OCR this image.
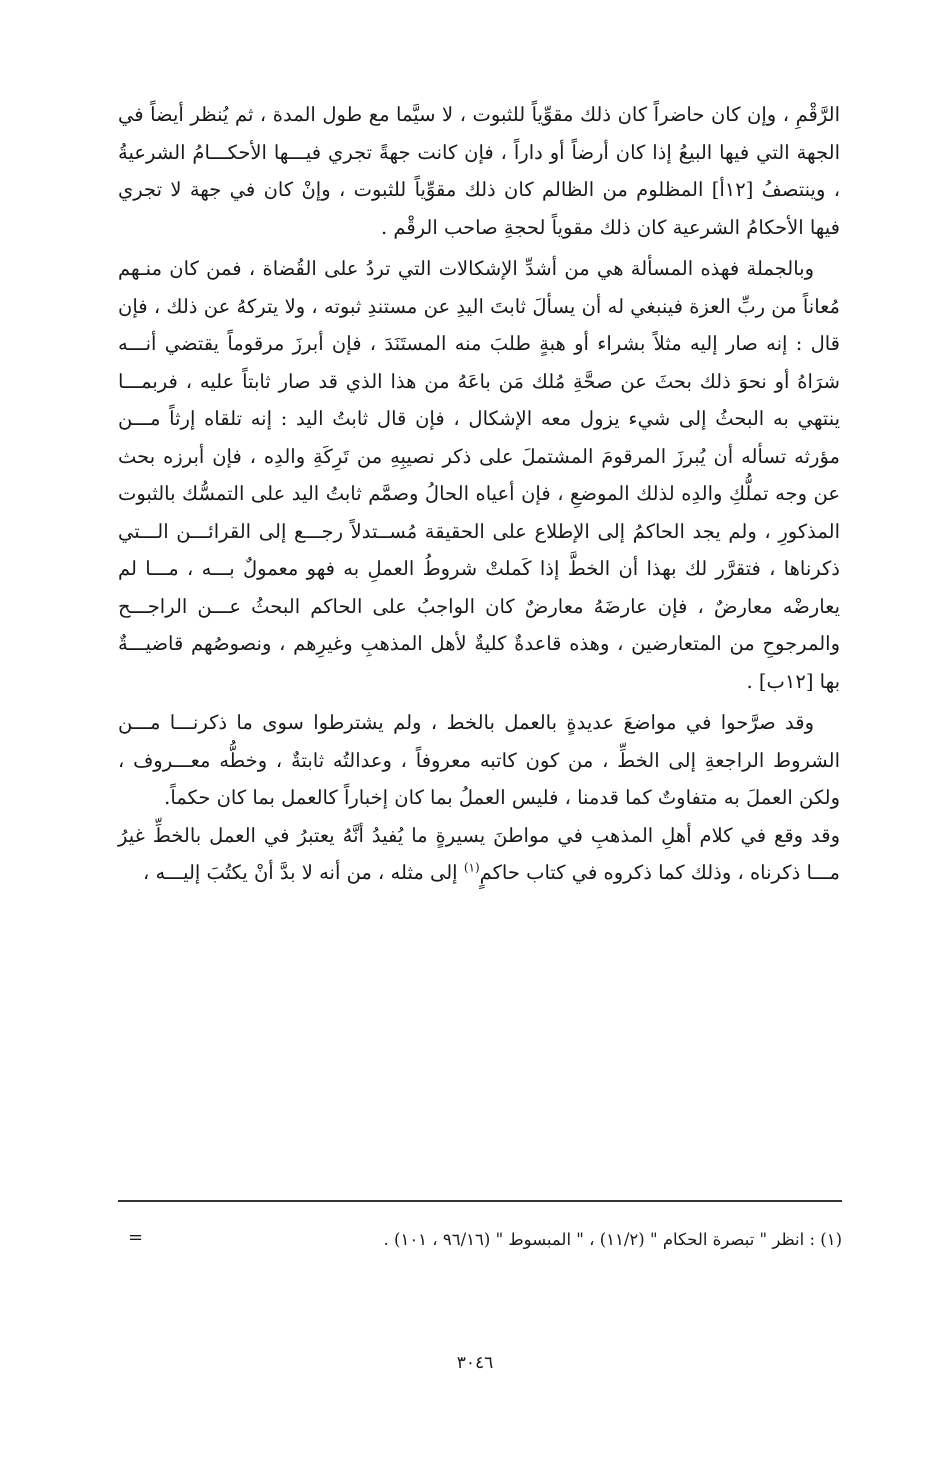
الرَّقْمِ ، وإن كان حاضراً كان ذلك مقوِّياً للثبوت ، لا سيَّما مع طول المدة ، ثم يُنظر أيضاً في الجهة التي فيها البيعُ إذا كان أرضاً أو داراً ، فإن كانت جهةً تجري فيـــها الأحكـــامُ الشرعيةُ ، وينتصفُ [١٢أ] المظلوم من الظالم كان ذلك مقوِّياً للثبوت ، وإنْ كان في جهة لا تجري فيها الأحكامُ الشرعية كان ذلك مقوياً لحجةِ صاحب الرقْم .

وبالجملة فهذه المسألة هي من أشدِّ الإشكالات التي تردُ على القُضاة ، فمن كان منـهم مُعاناً من ربِّ العزة فينبغي له أن يسألَ ثابتَ اليدِ عن مستندِ ثبوته ، ولا يتركهُ عن ذلك ، فإن قال : إنه صار إليه مثلاً بشراء أو هبةٍ طلبَ منه المستَنَدَ ، فإن أبرزَ مرقوماً يقتضي أنـــه شرَاهُ أو نحوَ ذلك بحثَ عن صحَّةِ مُلك مَن باعَهُ من هذا الذي قد صار ثابتاً عليه ، فربمـــا ينتهي به البحثُ إلى شيء يزول معه الإشكال ، فإن قال ثابتُ اليد : إنه تلقاه إرثاً مـــن مؤرثه تسأله أن يُبرزَ المرقومَ المشتملَ على ذكر نصيبِهِ من تَرِكَةِ والدِه ، فإن أبرزه بحث عن وجه تملُّكِ والدِه لذلك الموضعِ ، فإن أعياه الحالُ وصمَّم ثابتُ اليد على التمسُّك بالثبوت المذكورِ ، ولم يجد الحاكمُ إلى الإطلاع على الحقيقة مُســتدلاً رجـــع إلى القرائـــن الـــتي ذكرناها ، فتقرَّر لك بهذا أن الخطَّ إذا كَملتْ شروطُ العملِ به فهو معمولٌ بـــه ، مـــا لم يعارضْه معارضٌ ، فإن عارضَهُ معارضٌ كان الواجبُ على الحاكم البحثُ عـــن الراجـــح والمرجوحِ من المتعارضين ، وهذه قاعدةٌ كليةٌ لأهل المذهبِ وغيرِهم ، ونصوصُهم قاضيـــةٌ بها [١٢ب] .

وقد صرَّحوا في مواضعَ عديدةٍ بالعمل بالخط ، ولم يشترطوا سوى ما ذكرنـــا مـــن الشروط الراجعةِ إلى الخطِّ ، من كون كاتبه معروفاً ، وعدالتُه ثابتةٌ ، وخطُّه معـــروف ، ولكن العملَ به متفاوتٌ كما قدمنا ، فليس العملُ بما كان إخباراً كالعمل بما كان حكماً.

وقد وقع في كلام أهلِ المذهبِ في مواطنَ يسيرةٍ ما يُفيدُ أنَّهُ يعتبرُ في العمل بالخطِّ غيرُ مـــا ذكرناه ، وذلك كما ذكروه في كتاب حاكمٍ$^{(١)}$ إلى مثله ، من أنه لا بدَّ أنْ يكتُبَ إليـــه ،

(١) : انظر " تبصرة الحكام " (١١/٢) ، " المبسوط " (٩٦/١٦ ، ١٠١) .
=
٣٠٤٦
